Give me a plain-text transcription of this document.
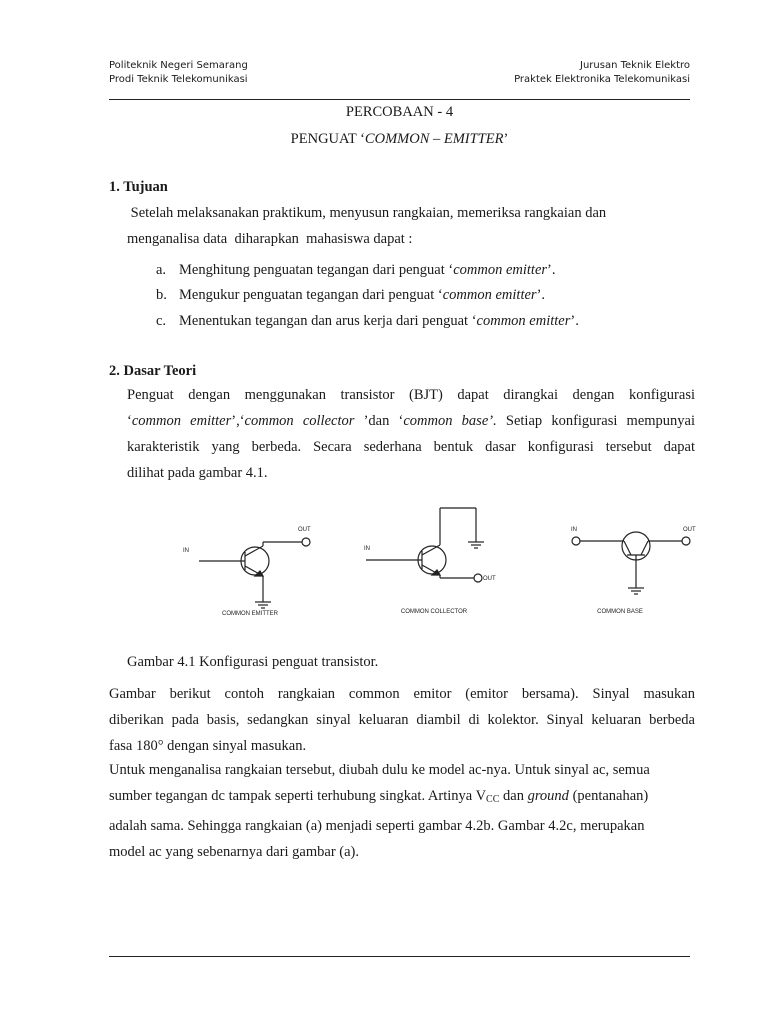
Politeknik Negeri Semarang
Prodi Teknik Telekomunikasi
Jurusan Teknik Elektro
Praktek Elektronika Telekomunikasi
PERCOBAAN - 4
PENGUAT ‘COMMON – EMITTER’
1. Tujuan
Setelah melaksanakan praktikum, menyusun rangkaian, memeriksa rangkaian dan
menganalisa data  diharapkan  mahasiswa dapat :
a. Menghitung penguatan tegangan dari penguat ‘common emitter’.
b. Mengukur penguatan tegangan dari penguat ‘common emitter’.
c. Menentukan tegangan dan arus kerja dari penguat ‘common emitter’.
2. Dasar Teori
Penguat dengan menggunakan transistor (BJT) dapat dirangkai dengan konfigurasi
‘common emitter’,‘common collector ’dan ‘common base’. Setiap konfigurasi mempunyai
karakteristik yang berbeda. Secara sederhana bentuk dasar konfigurasi tersebut dapat
dilihat pada gambar 4.1.
IN
OUT
IN
OUT
IN	OUT
COMMON EMITTER	COMMON COLLECTOR	COMMON BASE
Gambar 4.1 Konfigurasi penguat transistor.
Gambar berikut contoh rangkaian common emitor (emitor bersama). Sinyal masukan
diberikan pada basis, sedangkan sinyal keluaran diambil di kolektor. Sinyal keluaran berbeda
fasa 180° dengan sinyal masukan.
Untuk menganalisa rangkaian tersebut, diubah dulu ke model ac-nya. Untuk sinyal ac, semua
sumber tegangan dc tampak seperti terhubung singkat. Artinya $V_{CC}$ dan ground (pentanahan)
adalah sama. Sehingga rangkaian (a) menjadi seperti gambar 4.2b. Gambar 4.2c, merupakan
model ac yang sebenarnya dari gambar (a).
